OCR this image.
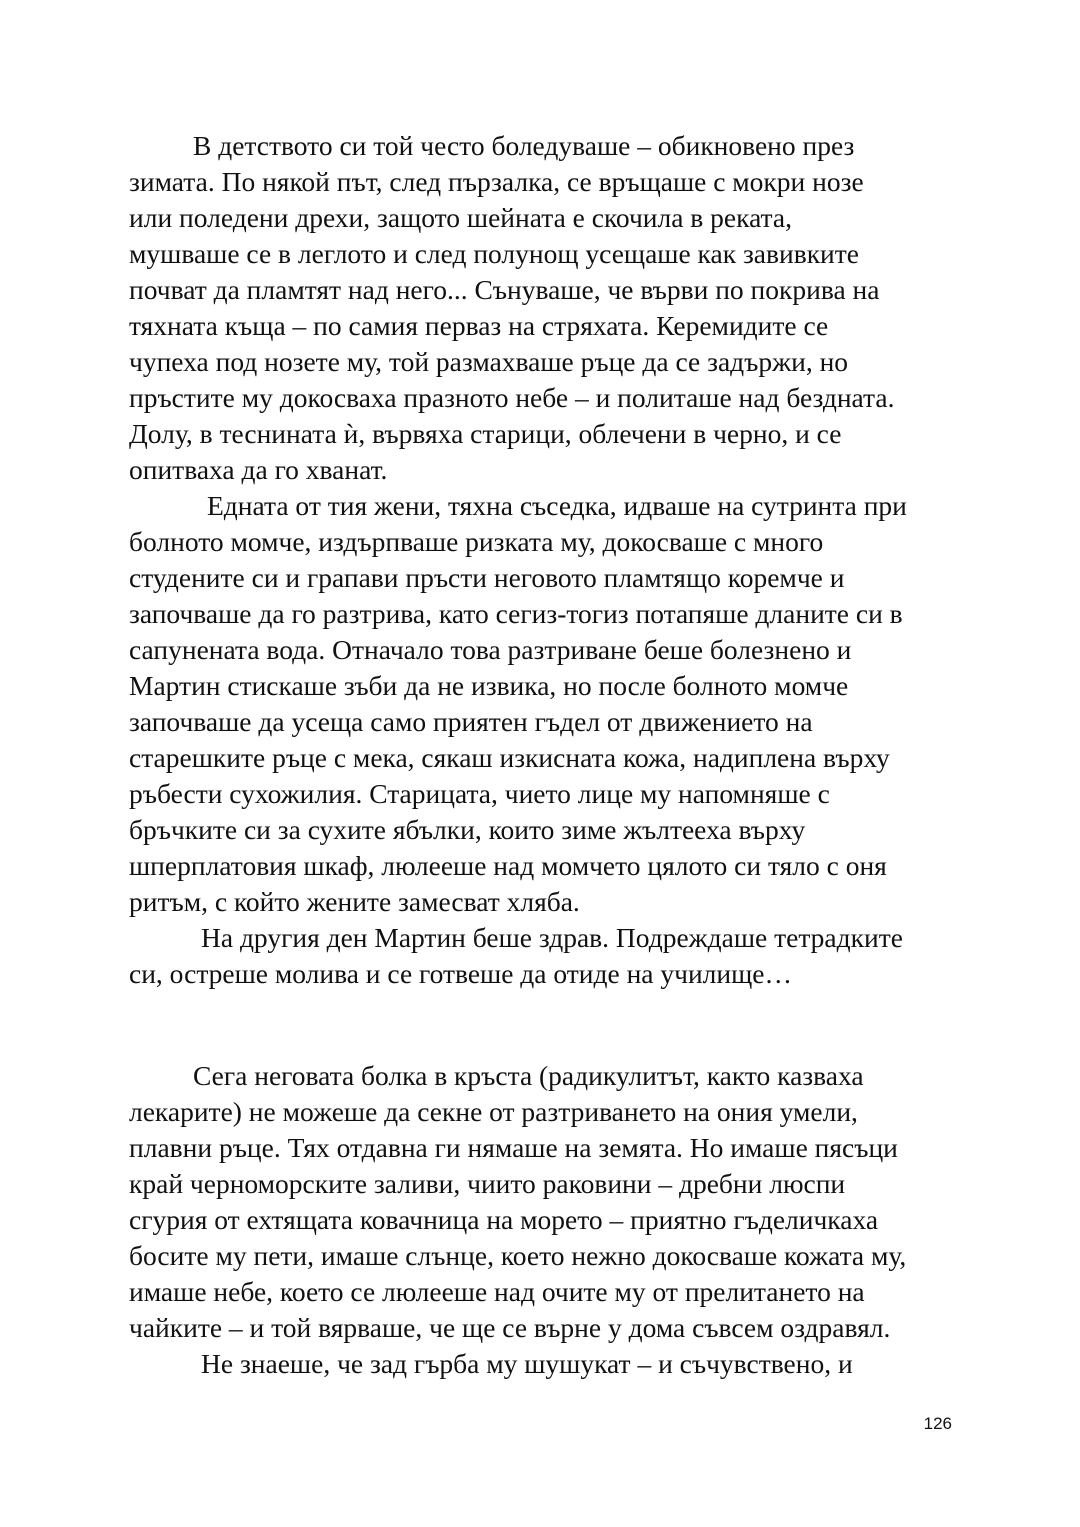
В детството си той често боледуваше – обикновено през
зимата. По някой път, след пързалка, се връщаше с мокри нозе
или поледени дрехи, защото шейната е скочила в реката,
мушваше се в леглото и след полунощ усещаше как завивките
почват да пламтят над него... Сънуваше, че върви по покрива на
тяхната къща – по самия перваз на стряхата. Керемидите се
чупеха под нозете му, той размахваше ръце да се задържи, но
пръстите му докосваха празното небе – и политаше над бездната.
Долу, в теснината ѝ, вървяха старици, облечени в черно, и се
опитваха да го хванат.
Едната от тия жени, тяхна съседка, идваше на сутринта при
болното момче, издърпваше ризката му, докосваше с много
студените си и грапави пръсти неговото пламтящо коремче и
започваше да го разтрива, като сегиз-тогиз потапяше дланите си в
сапунената вода. Отначало това разтриване беше болезнено и
Мартин стискаше зъби да не извика, но после болното момче
започваше да усеща само приятен гъдел от движението на
старешките ръце с мека, сякаш изкисната кожа, надиплена върху
ръбести сухожилия. Старицата, чието лице му напомняше с
бръчките си за сухите ябълки, които зиме жълтееха върху
шперплатовия шкаф, люлееше над момчето цялото си тяло с оня
ритъм, с който жените замесват хляба.
На другия ден Мартин беше здрав. Подреждаше тетрадките
си, остреше молива и се готвеше да отиде на училище…
Сега неговата болка в кръста (радикулитът, както казваха
лекарите) не можеше да секне от разтриването на ония умели,
плавни ръце. Тях отдавна ги нямаше на земята. Но имаше пясъци
край черноморските заливи, чиито раковини – дребни люспи
сгурия от ехтящата ковачница на морето – приятно гъделичкаха
босите му пети, имаше слънце, което нежно докосваше кожата му,
имаше небе, което се люлееше над очите му от прелитането на
чайките – и той вярваше, че ще се върне у дома съвсем оздравял.
Не знаеше, че зад гърба му шушукат – и съчувствено, и
126
